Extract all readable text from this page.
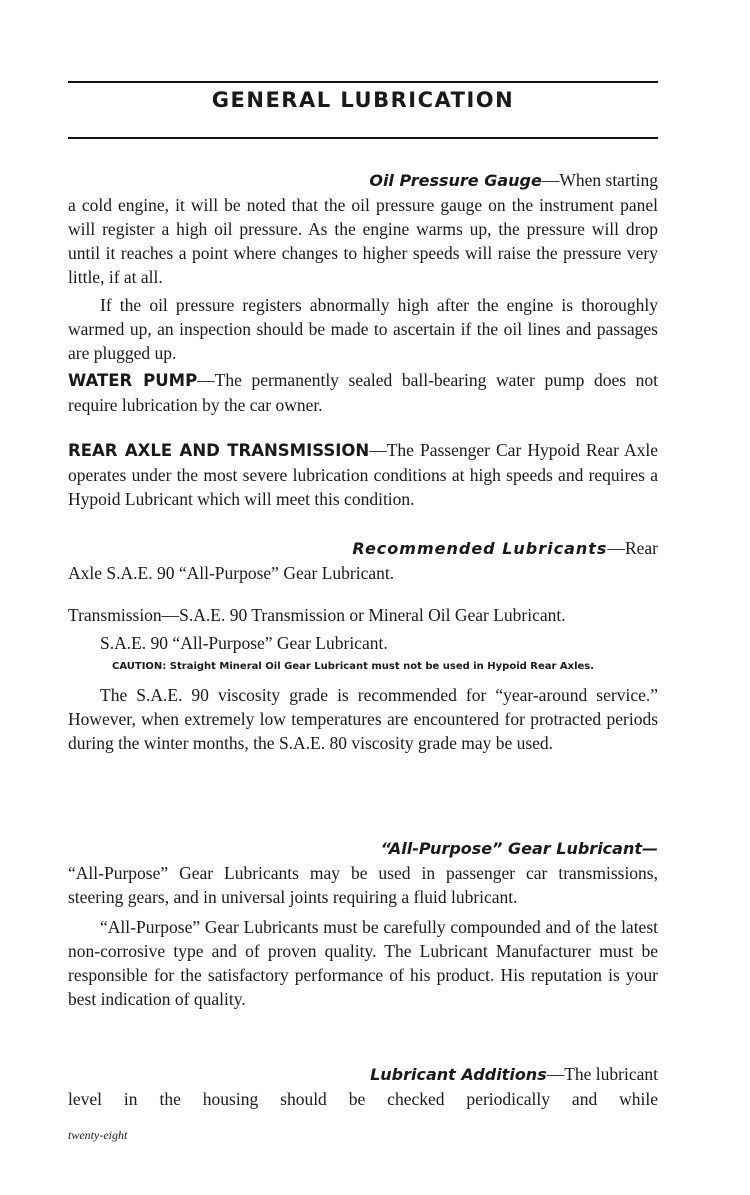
GENERAL LUBRICATION

Oil Pressure Gauge—When starting

a cold engine, it will be noted that the oil pressure gauge on the instrument panel will register a high oil pressure. As the engine warms up, the pressure will drop until it reaches a point where changes to higher speeds will raise the pressure very little, if at all.

If the oil pressure registers abnormally high after the engine is thoroughly warmed up, an inspection should be made to ascertain if the oil lines and passages are plugged up.

WATER PUMP—The permanently sealed ball-bearing water pump does not require lubrication by the car owner.

REAR AXLE AND TRANSMISSION—The Passenger Car Hypoid Rear Axle operates under the most severe lubrication conditions at high speeds and requires a Hypoid Lubricant which will meet this condition.

Recommended Lubricants—Rear

Axle S.A.E. 90 “All-Purpose” Gear Lubricant.

Transmission—S.A.E. 90 Transmission or Mineral Oil Gear Lubricant.

S.A.E. 90 “All-Purpose” Gear Lubricant.

CAUTION: Straight Mineral Oil Gear Lubricant must not be used in Hypoid Rear Axles.

The S.A.E. 90 viscosity grade is recommended for “year-around service.” However, when extremely low temperatures are encountered for protracted periods during the winter months, the S.A.E. 80 viscosity grade may be used.

“All-Purpose” Gear Lubricant—

“All-Purpose” Gear Lubricants may be used in passenger car transmissions, steering gears, and in universal joints requiring a fluid lubricant.

“All-Purpose” Gear Lubricants must be carefully compounded and of the latest non-corrosive type and of proven quality. The Lubricant Manufacturer must be responsible for the satisfactory performance of his product. His reputation is your best indication of quality.

Lubricant Additions—The lubricant

level in the housing should be checked periodically and while

twenty-eight
